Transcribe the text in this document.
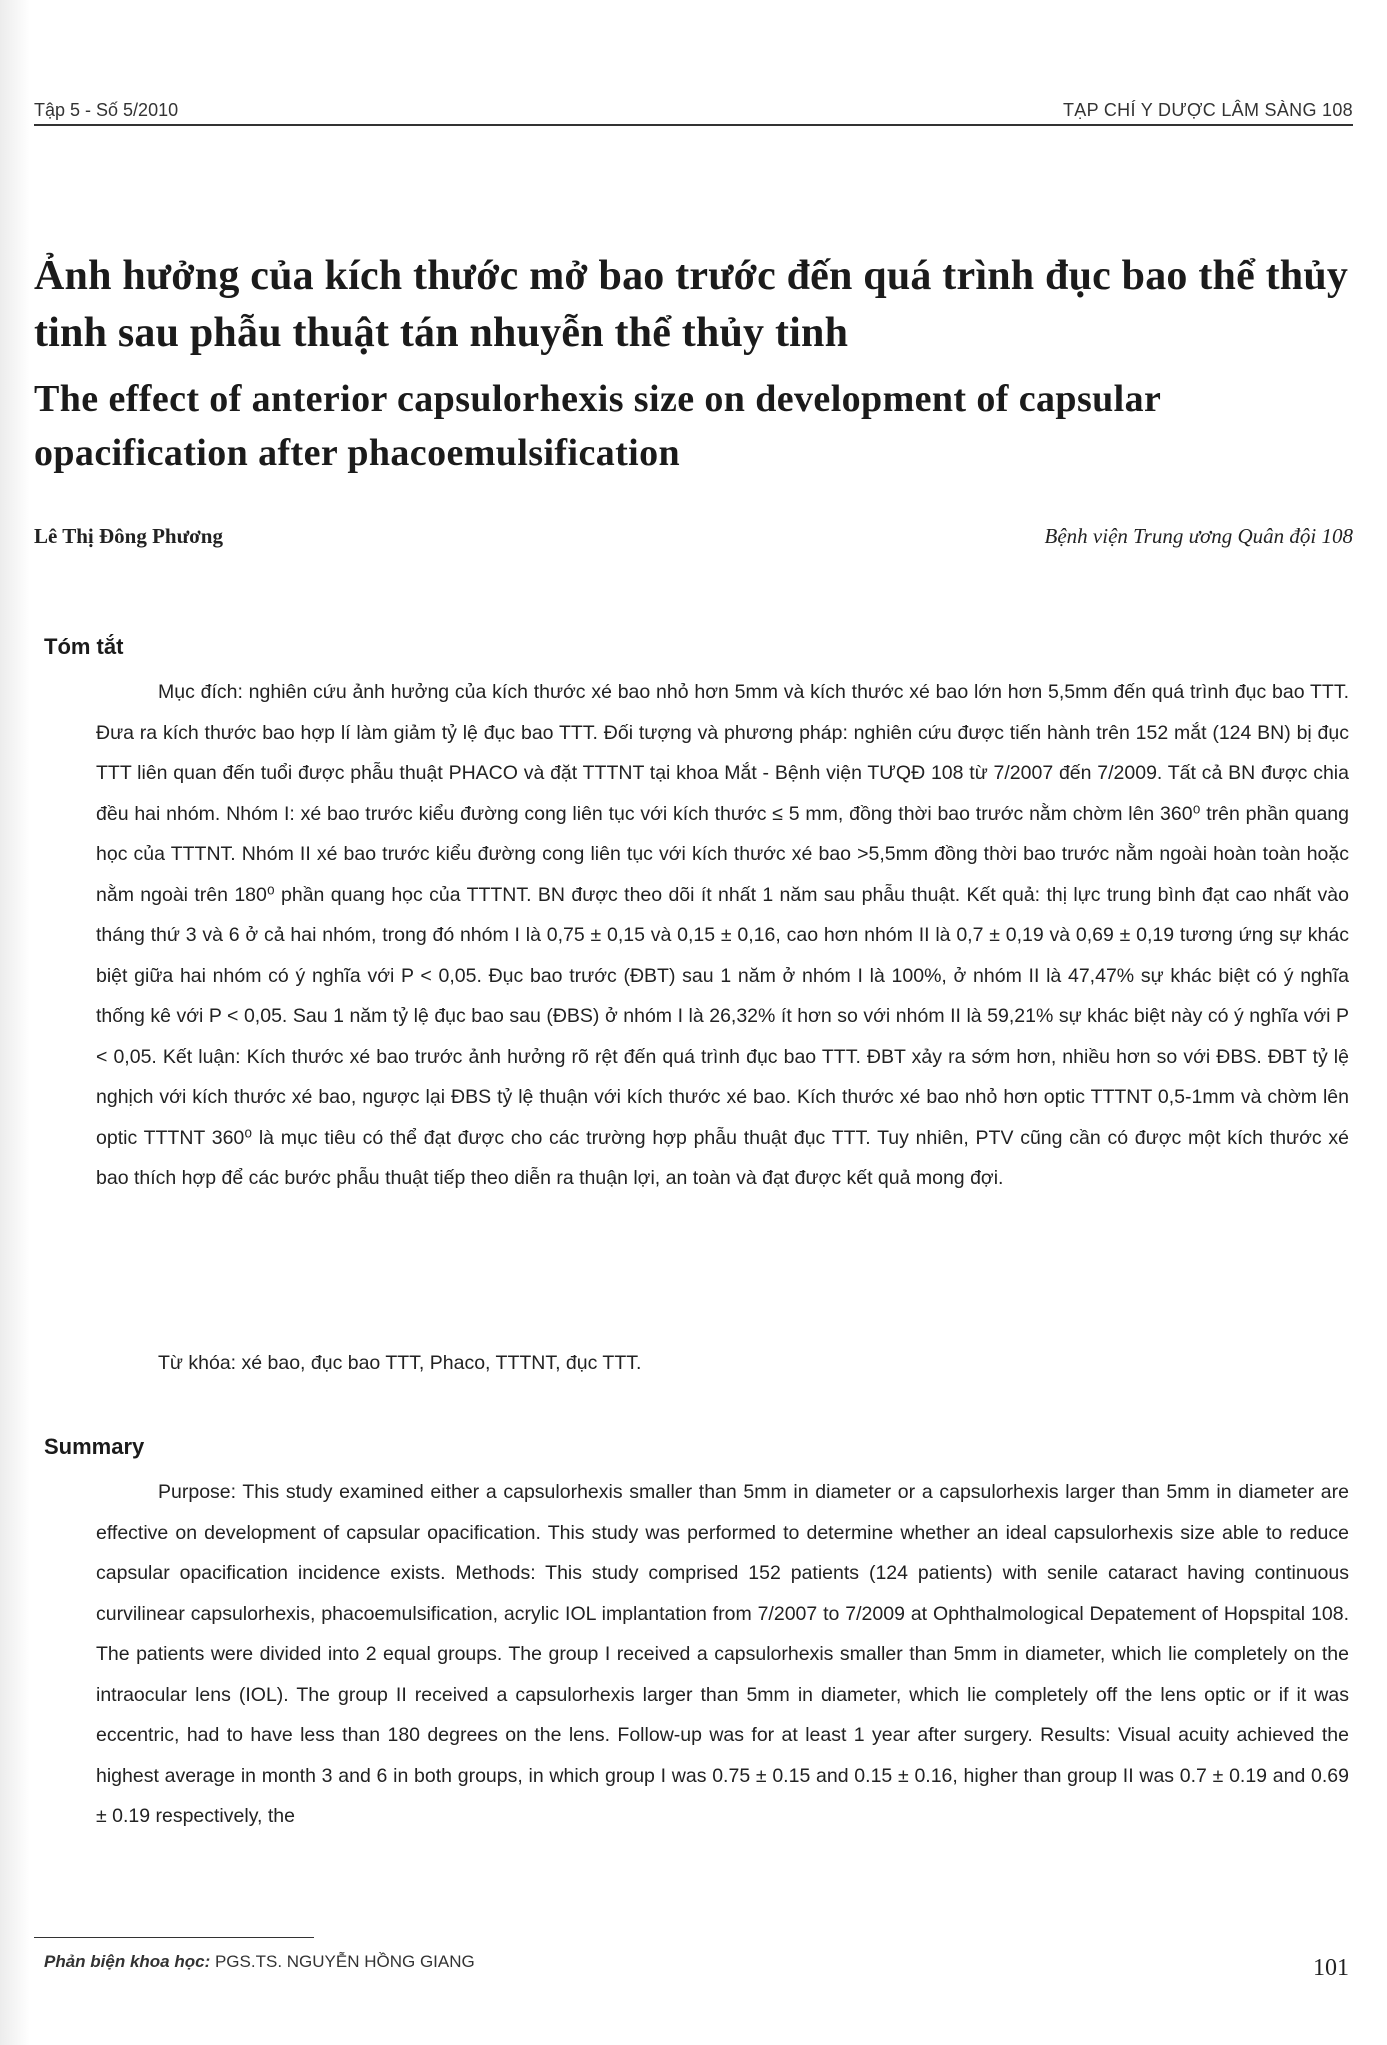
Tập 5 - Số 5/2010	TẠP CHÍ Y DƯỢC LÂM SÀNG 108
Ảnh hưởng của kích thước mở bao trước đến quá trình đục bao thể thủy tinh sau phẫu thuật tán nhuyễn thể thủy tinh
The effect of anterior capsulorhexis size on development of capsular opacification after phacoemulsification
Lê Thị Đông Phương	Bệnh viện Trung ương Quân đội 108
Tóm tắt

Mục đích: nghiên cứu ảnh hưởng của kích thước xé bao nhỏ hơn 5mm và kích thước xé bao lớn hơn 5,5mm đến quá trình đục bao TTT. Đưa ra kích thước bao hợp lí làm giảm tỷ lệ đục bao TTT. Đối tượng và phương pháp: nghiên cứu được tiến hành trên 152 mắt (124 BN) bị đục TTT liên quan đến tuổi được phẫu thuật PHACO và đặt TTTNT tại khoa Mắt - Bệnh viện TƯQĐ 108 từ 7/2007 đến 7/2009. Tất cả BN được chia đều hai nhóm. Nhóm I: xé bao trước kiểu đường cong liên tục với kích thước ≤ 5 mm, đồng thời bao trước nằm chờm lên 360⁰ trên phần quang học của TTTNT. Nhóm II xé bao trước kiểu đường cong liên tục với kích thước xé bao >5,5mm đồng thời bao trước nằm ngoài hoàn toàn hoặc nằm ngoài trên 180⁰ phần quang học của TTTNT. BN được theo dõi ít nhất 1 năm sau phẫu thuật. Kết quả: thị lực trung bình đạt cao nhất vào tháng thứ 3 và 6 ở cả hai nhóm, trong đó nhóm I là 0,75 ± 0,15 và 0,15 ± 0,16, cao hơn nhóm II là 0,7 ± 0,19 và 0,69 ± 0,19 tương ứng sự khác biệt giữa hai nhóm có ý nghĩa với P < 0,05. Đục bao trước (ĐBT) sau 1 năm ở nhóm I là 100%, ở nhóm II là 47,47% sự khác biệt có ý nghĩa thống kê với P < 0,05. Sau 1 năm tỷ lệ đục bao sau (ĐBS) ở nhóm I là 26,32% ít hơn so với nhóm II là 59,21% sự khác biệt này có ý nghĩa với P < 0,05. Kết luận: Kích thước xé bao trước ảnh hưởng rõ rệt đến quá trình đục bao TTT. ĐBT xảy ra sớm hơn, nhiều hơn so với ĐBS. ĐBT tỷ lệ nghịch với kích thước xé bao, ngược lại ĐBS tỷ lệ thuận với kích thước xé bao. Kích thước xé bao nhỏ hơn optic TTTNT 0,5-1mm và chờm lên optic TTTNT 360⁰ là mục tiêu có thể đạt được cho các trường hợp phẫu thuật đục TTT. Tuy nhiên, PTV cũng cần có được một kích thước xé bao thích hợp để các bước phẫu thuật tiếp theo diễn ra thuận lợi, an toàn và đạt được kết quả mong đợi.

Từ khóa: xé bao, đục bao TTT, Phaco, TTTNT, đục TTT.
Summary

Purpose: This study examined either a capsulorhexis smaller than 5mm in diameter or a capsulorhexis larger than 5mm in diameter are effective on development of capsular opacification. This study was performed to determine whether an ideal capsulorhexis size able to reduce capsular opacification incidence exists. Methods: This study comprised 152 patients (124 patients) with senile cataract having continuous curvilinear capsulorhexis, phacoemulsification, acrylic IOL implantation from 7/2007 to 7/2009 at Ophthalmological Depatement of Hopspital 108. The patients were divided into 2 equal groups. The group I received a capsulorhexis smaller than 5mm in diameter, which lie completely on the intraocular lens (IOL). The group II received a capsulorhexis larger than 5mm in diameter, which lie completely off the lens optic or if it was eccentric, had to have less than 180 degrees on the lens. Follow-up was for at least 1 year after surgery. Results: Visual acuity achieved the highest average in month 3 and 6 in both groups, in which group I was 0.75 ± 0.15 and 0.15 ± 0.16, higher than group II was 0.7 ± 0.19 and 0.69 ± 0.19 respectively, the

Phản biện khoa học: PGS.TS. NGUYỄN HỒNG GIANG	101
